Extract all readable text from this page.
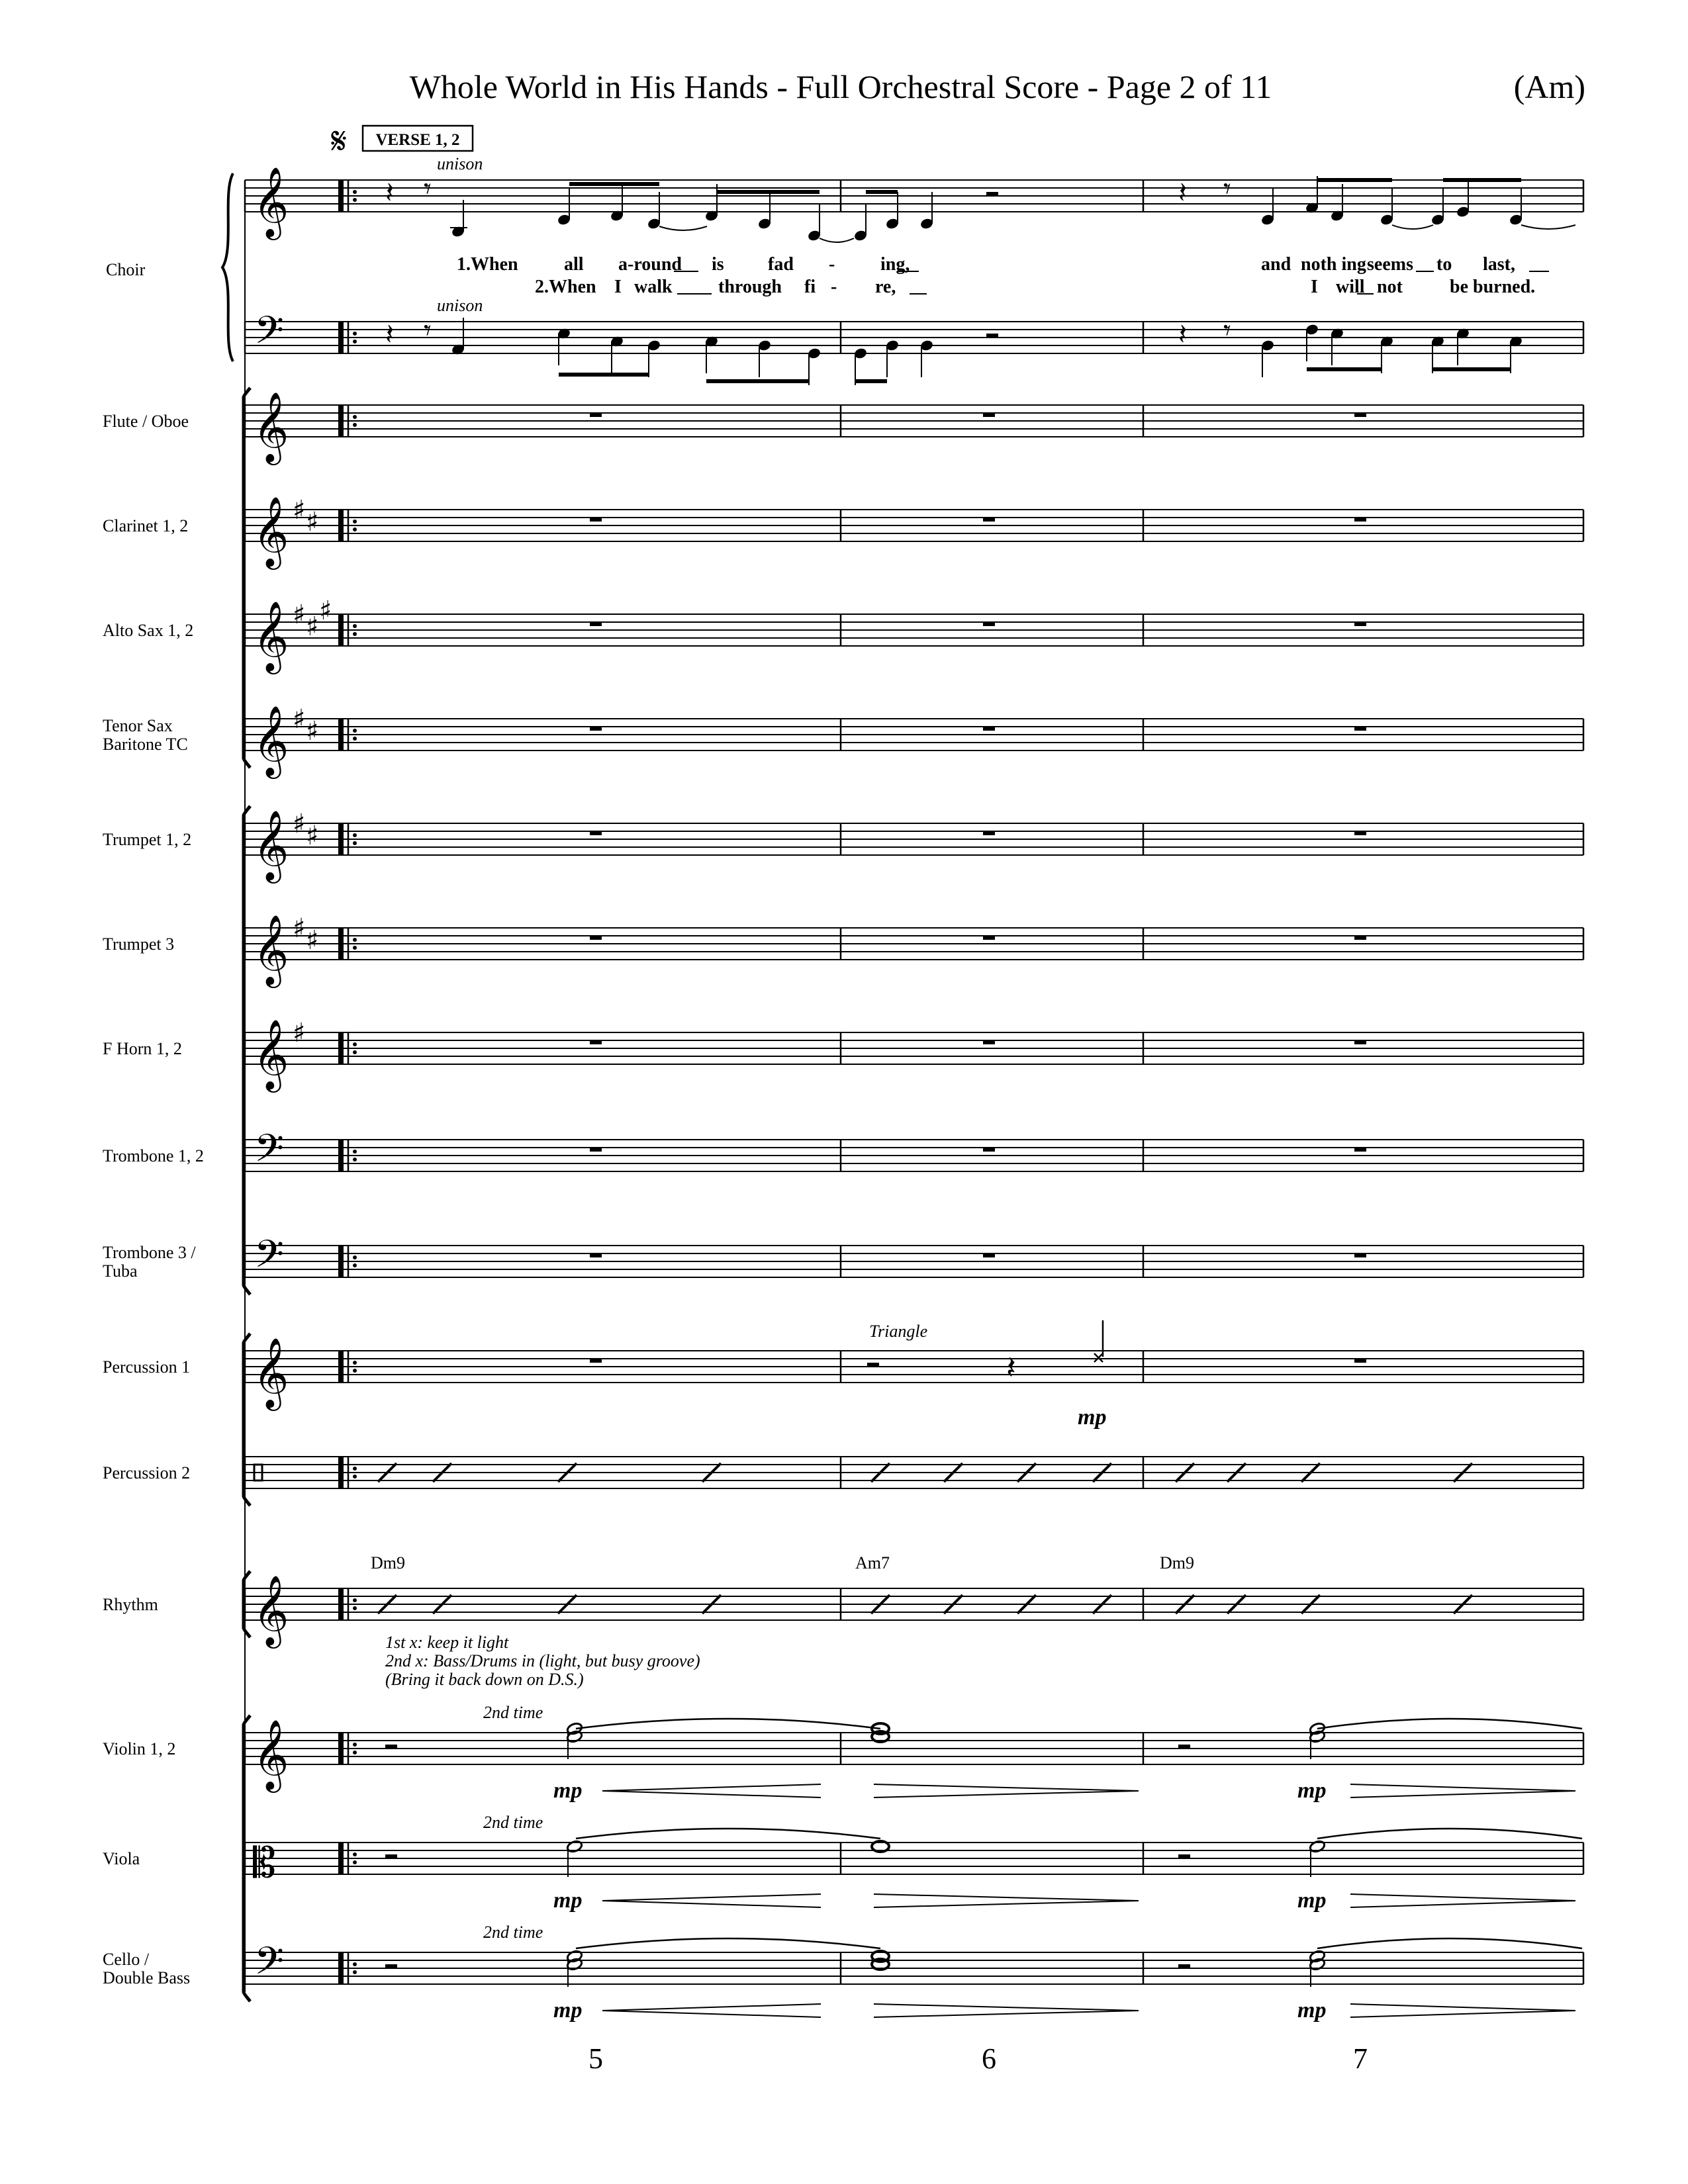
Whole World in His Hands - Full Orchestral Score - Page 2 of 11	(Am)
𝄋 VERSE 1, 2
𝄞
𝄢
𝄞
𝄞 ♯ ♯
𝄞 ♯ ♯
♯
𝄞 ♯ ♯
𝄞 ♯ ♯
𝄞 ♯ ♯
𝄞 ♯
𝄢
𝄢
𝄞
𝄞
𝄞
𝄡
𝄢
Choir
Flute / Oboe
Clarinet 1, 2
Alto Sax 1, 2
Tenor Sax
Baritone TC
Trumpet 1, 2
Trumpet 3
F Horn 1, 2
Trombone 1, 2
Trombone 3 /
Tuba
Percussion 1
Percussion 2
Rhythm
Violin 1, 2
Viola
Cello /
Double Bass
𝄽
unison
unison
𝄽 𝄾	𝄽 𝄾
𝄽 𝄾	𝄽 𝄾
1.When all a-round is fad - ing,	and noth ing seems to last,
2.When I walk through fi - re,	I will not	be burned.
Triangle
mp
Dm9	Am7	Dm9
1st x: keep it light
2nd x: Bass/Drums in (light, but busy groove)
(Bring it back down on D.S.)
2nd time
mp	mp
2nd time
mp	mp
2nd time
mp	mp
5	6	7
